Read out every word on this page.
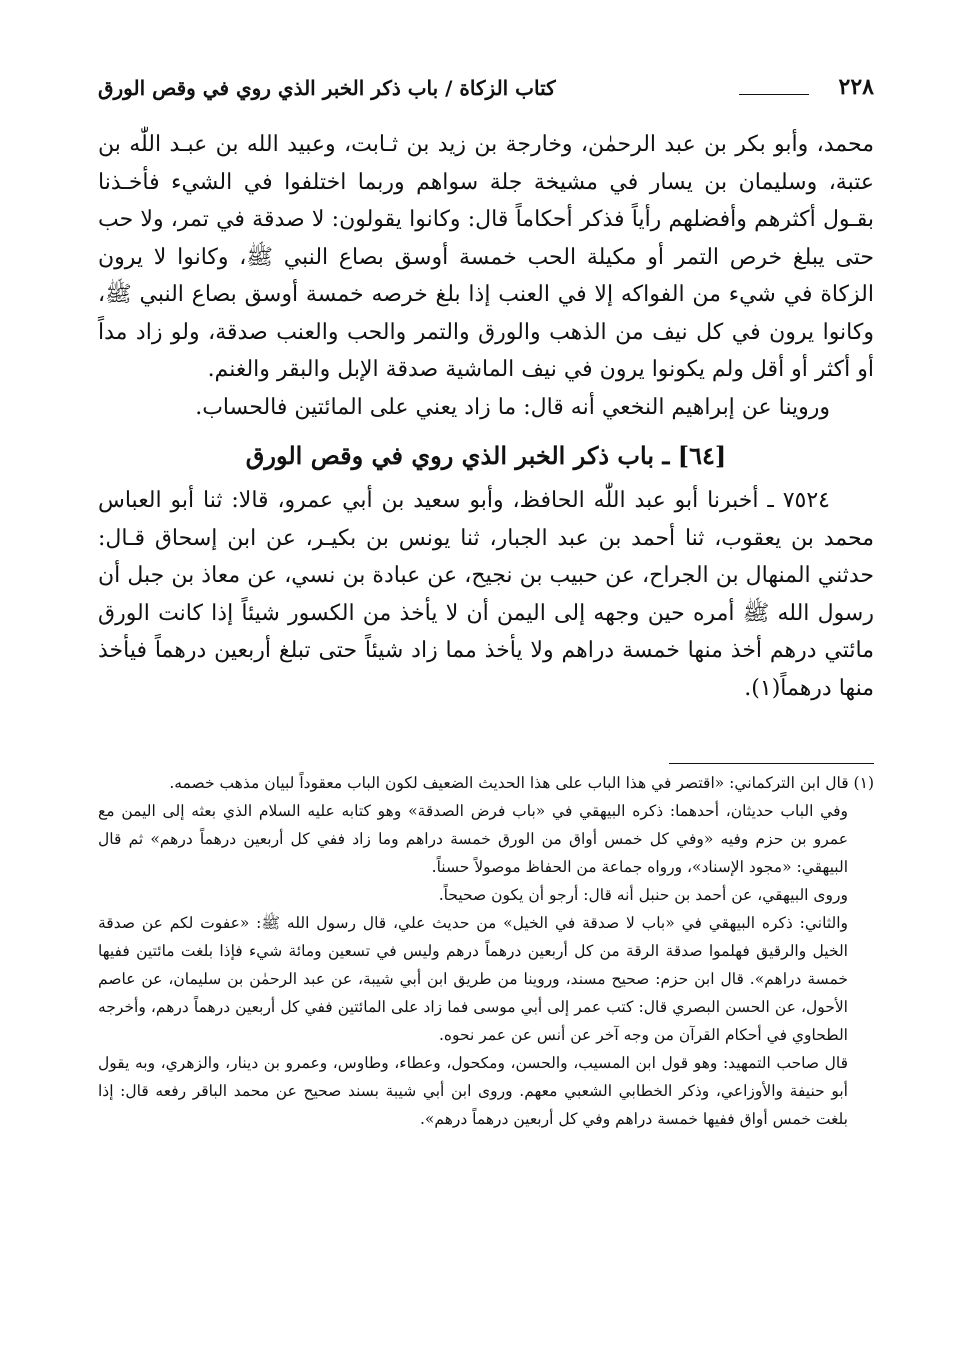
٢٢٨
كتاب الزكاة / باب ذكر الخبر الذي روي في وقص الورق

محمد، وأبو بكر بن عبد الرحمٰن، وخارجة بن زيد بن ثـابت، وعبيد الله بن عبـد اللّٰه بن عتبة، وسليمان بن يسار في مشيخة جلة سواهم وربما اختلفوا في الشيء فأخـذنا بقـول أكثرهم وأفضلهم رأياً فذكر أحكاماً قال: وكانوا يقولون: لا صدقة في تمر، ولا حب حتى يبلغ خرص التمر أو مكيلة الحب خمسة أوسق بصاع النبي ﷺ، وكانوا لا يرون الزكاة في شيء من الفواكه إلا في العنب إذا بلغ خرصه خمسة أوسق بصاع النبي ﷺ، وكانوا يرون في كل نيف من الذهب والورق والتمر والحب والعنب صدقة، ولو زاد مداً أو أكثر أو أقل ولم يكونوا يرون في نيف الماشية صدقة الإبل والبقر والغنم.

وروينا عن إبراهيم النخعي أنه قال: ما زاد يعني على المائتين فالحساب.

[٦٤] ـ باب ذكر الخبر الذي روي في وقص الورق

٧٥٢٤ ـ أخبرنا أبو عبد اللّٰه الحافظ، وأبو سعيد بن أبي عمرو، قالا: ثنا أبو العباس محمد بن يعقوب، ثنا أحمد بن عبد الجبار، ثنا يونس بن بكيـر، عن ابن إسحاق قـال: حدثني المنهال بن الجراح، عن حبيب بن نجيح، عن عبادة بن نسي، عن معاذ بن جبل أن رسول الله ﷺ أمره حين وجهه إلى اليمن أن لا يأخذ من الكسور شيئاً إذا كانت الورق مائتي درهم أخذ منها خمسة دراهم ولا يأخذ مما زاد شيئاً حتى تبلغ أربعين درهماً فيأخذ منها درهماً(١).

(١) قال ابن التركماني: «اقتصر في هذا الباب على هذا الحديث الضعيف لكون الباب معقوداً لبيان مذهب خصمه.

وفي الباب حديثان، أحدهما: ذكره البيهقي في «باب فرض الصدقة» وهو كتابه عليه السلام الذي بعثه إلى اليمن مع عمرو بن حزم وفيه «وفي كل خمس أواق من الورق خمسة دراهم وما زاد ففي كل أربعين درهماً درهم» ثم قال البيهقي: «مجود الإسناد»، ورواه جماعة من الحفاظ موصولاً حسناً.

وروى البيهقي، عن أحمد بن حنبل أنه قال: أرجو أن يكون صحيحاً.

والثاني: ذكره البيهقي في «باب لا صدقة في الخيل» من حديث علي، قال رسول الله ﷺ: «عفوت لكم عن صدقة الخيل والرقيق فهلموا صدقة الرقة من كل أربعين درهماً درهم وليس في تسعين ومائة شيء فإذا بلغت مائتين ففيها خمسة دراهم». قال ابن حزم: صحيح مسند، وروينا من طريق ابن أبي شيبة، عن عبد الرحمٰن بن سليمان، عن عاصم الأحول، عن الحسن البصري قال: كتب عمر إلى أبي موسى فما زاد على المائتين ففي كل أربعين درهماً درهم، وأخرجه الطحاوي في أحكام القرآن من وجه آخر عن أنس عن عمر نحوه.

قال صاحب التمهيد: وهو قول ابن المسيب، والحسن، ومكحول، وعطاء، وطاوس، وعمرو بن دينار، والزهري، وبه يقول أبو حنيفة والأوزاعي، وذكر الخطابي الشعبي معهم. وروى ابن أبي شيبة بسند صحيح عن محمد الباقر رفعه قال: إذا بلغت خمس أواق ففيها خمسة دراهم وفي كل أربعين درهماً درهم».
